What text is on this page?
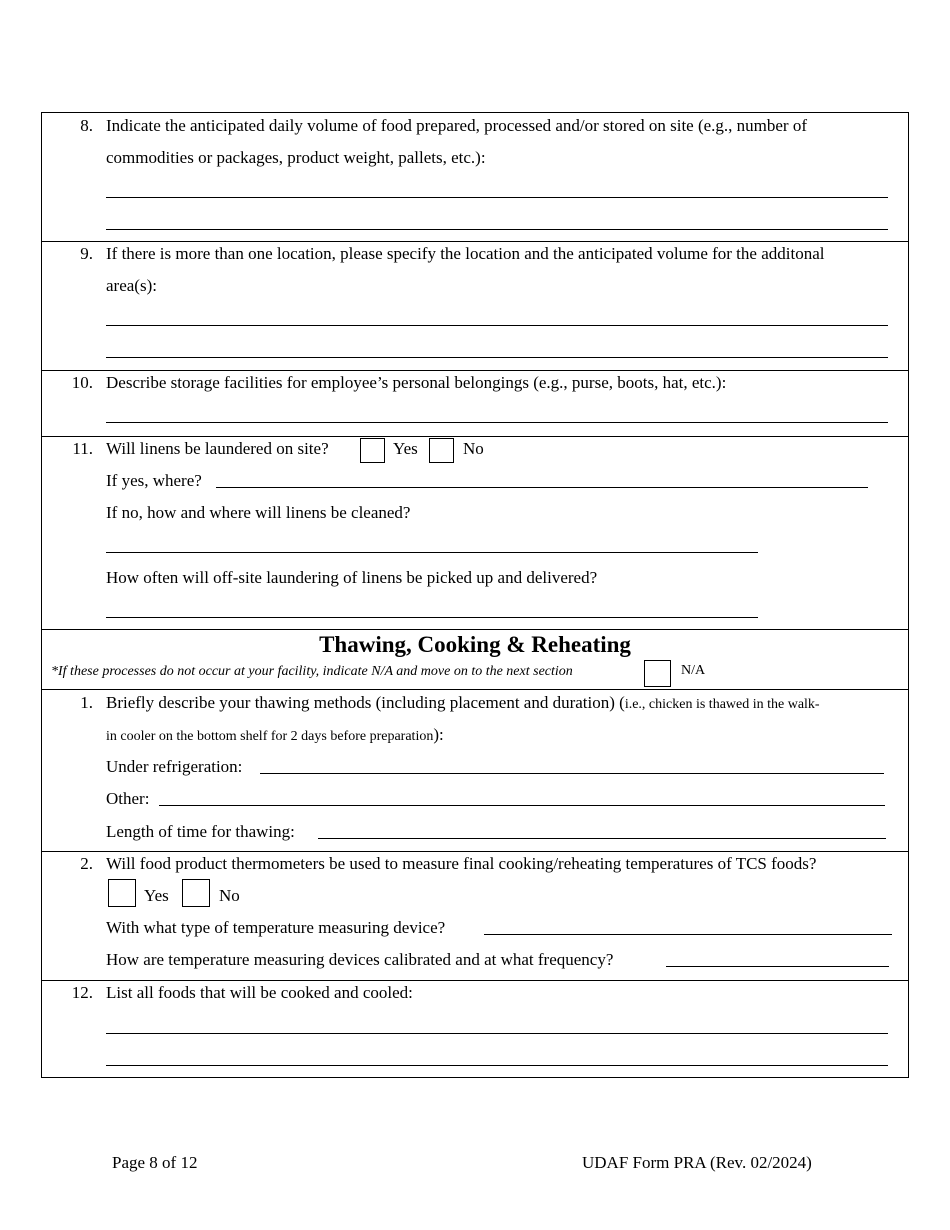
8. Indicate the anticipated daily volume of food prepared, processed and/or stored on site (e.g., number of
commodities or packages, product weight, pallets, etc.):
9. If there is more than one location, please specify the location and the anticipated volume for the additonal
area(s):
10. Describe storage facilities for employee’s personal belongings (e.g., purse, boots, hat, etc.):
11. Will linens be laundered on site?	Yes	No
If yes, where?
If no, how and where will linens be cleaned?
How often will off-site laundering of linens be picked up and delivered?
Thawing, Cooking & Reheating
*If these processes do not occur at your facility, indicate N/A and move on to the next section	N/A
1. Briefly describe your thawing methods (including placement and duration) (i.e., chicken is thawed in the walk-
in cooler on the bottom shelf for 2 days before preparation):
Under refrigeration:
Other:
Length of time for thawing:
2. Will food product thermometers be used to measure final cooking/reheating temperatures of TCS foods?
Yes	No
With what type of temperature measuring device?
How are temperature measuring devices calibrated and at what frequency?
12. List all foods that will be cooked and cooled:
Page 8 of 12	UDAF Form PRA (Rev. 02/2024)
